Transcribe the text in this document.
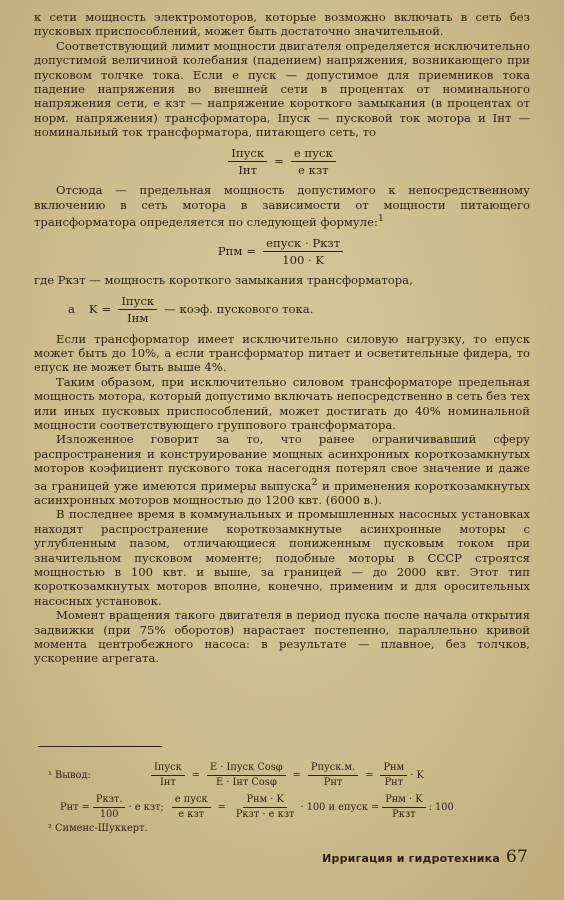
к сети мощность электромоторов, которые возможно включать в сеть без пусковых приспособлений, может быть достаточно значительной.

Соответствующий лимит мощности двигателя определяется исключительно допустимой величиной колебания (падением) напряжения, возникающего при пусковом толчке тока. Если e пуск — допустимое для приемников тока падение напряжения во внешней сети в процентах от номинального напряжения сети, e кзт — напряжение короткого замыкания (в процентах от норм. напряжения) трансформатора, Iпуск — пусковой ток мотора и Iнт — номинальный ток трансформатора, питающего сеть, то

$\frac{\text{Iпуск}}{\text{Iнт}} = \frac{\text{e пуск}}{\text{e кзт}}$

Отсюда — предельная мощность допустимого к непосредственному включению в сеть мотора в зависимости от мощности питающего трансформатора определяется по следующей формуле:$^1$

Pпм = $\frac{\text{eпуск · Pкзт}}{100 \cdot K}$

где Pкзт — мощность короткого замыкания трансформатора,

а $K = \frac{\text{Iпуск}}{\text{Iнм}}$ — коэф. пускового тока.

Если трансформатор имеет исключительно силовую нагрузку, то eпуск может быть до 10%, а если трансформатор питает и осветительные фидера, то eпуск не может быть выше 4%.

Таким образом, при исключительно силовом трансформаторе предельная мощность мотора, который допустимо включать непосредственно в сеть без тех или иных пусковых приспособлений, может достигать до 40% номинальной мощности соответствующего группового трансформатора.

Изложенное говорит за то, что ранее ограничивавший сферу распространения и конструирование мощных асинхронных короткозамкнутых моторов коэфициент пускового тока насегодня потерял свое значение и даже за границей уже имеются примеры выпуска$^2$ и применения короткозамкнутых асинхронных моторов мощностью до 1200 квт. (6000 в.).

В последнее время в коммунальных и промышленных насосных установках находят распространение короткозамкнутые асинхронные моторы с углубленным пазом, отличающиеся пониженным пусковым током при значительном пусковом моменте; подобные моторы в СССР строятся мощностью в 100 квт. и выше, за границей — до 2000 квт. Этот тип короткозамкнутых моторов вполне, конечно, применим и для оросительных насосных установок.

Момент вращения такого двигателя в период пуска после начала открытия задвижки (при 75% оборотов) нарастает постепенно, параллельно кривой момента центробежного насоса: в результате — плавное, без толчков, ускорение агрегата.

¹ Вывод:	$\frac{\text{Iпуск}}{\text{Iнт}} = \frac{\text{E · Iпуск Cosφ}}{\text{E · Iнт Cosφ}} = \frac{\text{Pпуск.м.}}{\text{Pнт}} = \frac{\text{Pнм}}{\text{Pнт}} \cdot K$
Pнт = $\frac{\text{Pкзт.}}{100} \cdot e$ кзт; $\frac{\text{e пуск}}{\text{e кзт}} = \frac{\text{Pнм · K}}{\text{Pкзт · e кзт}} \cdot 100$ и eпуск = $\frac{\text{Pнм · K}}{\text{Pкзт}}$ : 100
² Сименс-Шуккерт.
Ирригация и гидротехника 67
